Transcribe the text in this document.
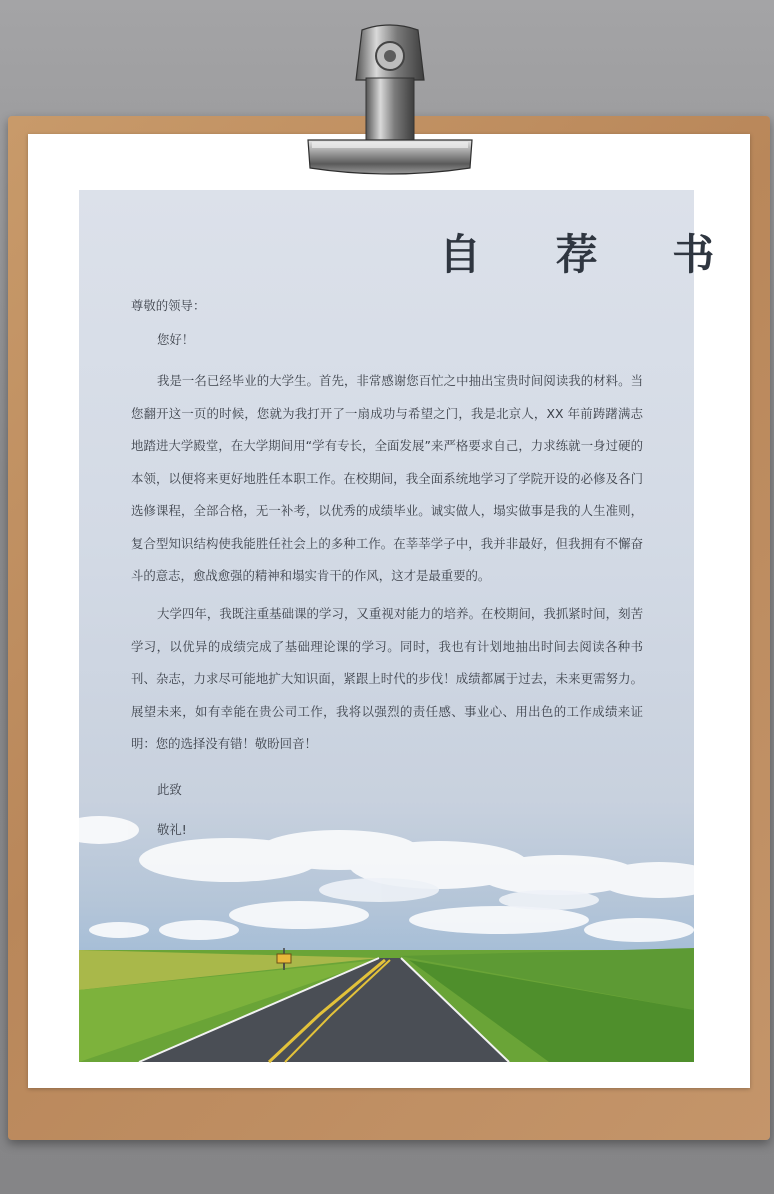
自 荐 书
尊敬的领导：
您好！
我是一名已经毕业的大学生。首先，非常感谢您百忙之中抽出宝贵时间阅读我的材料。当您翻开这一页的时候，您就为我打开了一扇成功与希望之门，我是北京人，XX 年前踌躇满志地踏进大学殿堂，在大学期间用“学有专长，全面发展”来严格要求自己，力求练就一身过硬的本领，以便将来更好地胜任本职工作。在校期间，我全面系统地学习了学院开设的必修及各门选修课程，全部合格，无一补考，以优秀的成绩毕业。诚实做人，塌实做事是我的人生准则，复合型知识结构使我能胜任社会上的多种工作。在莘莘学子中，我并非最好，但我拥有不懈奋斗的意志，愈战愈强的精神和塌实肯干的作风，这才是最重要的。
大学四年，我既注重基础课的学习，又重视对能力的培养。在校期间，我抓紧时间，刻苦学习，以优异的成绩完成了基础理论课的学习。同时，我也有计划地抽出时间去阅读各种书刊、杂志，力求尽可能地扩大知识面，紧跟上时代的步伐！成绩都属于过去，未来更需努力。展望未来，如有幸能在贵公司工作，我将以强烈的责任感、事业心、用出色的工作成绩来证明：您的选择没有错！敬盼回音！
此致
敬礼!
